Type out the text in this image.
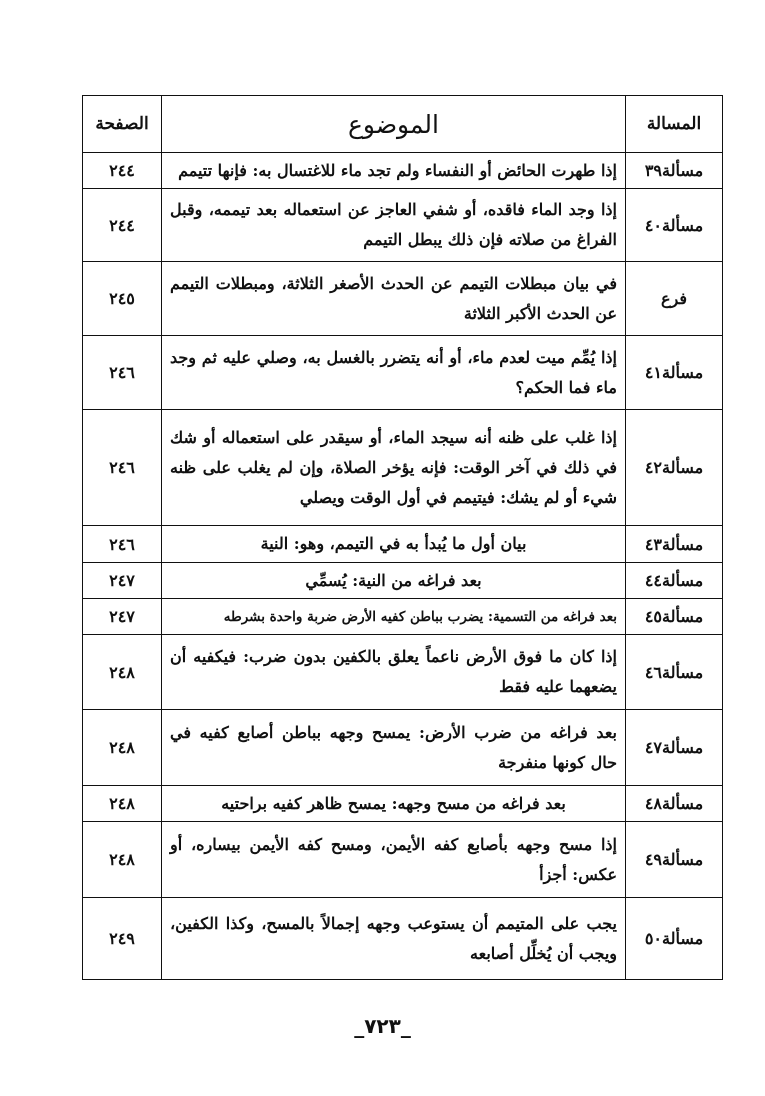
المسالة	الموضوع	الصفحة
مسألة٣٩	إذا طهرت الحائض أو النفساء ولم تجد ماء للاغتسال به: فإنها تتيمم	٢٤٤
مسألة٤٠	إذا وجد الماء فاقده، أو شفي العاجز عن استعماله بعد تيممه، وقبل الفراغ من صلاته فإن ذلك يبطل التيمم	٢٤٤
فرع	في بيان مبطلات التيمم عن الحدث الأصغر الثلاثة، ومبطلات التيمم عن الحدث الأكبر الثلاثة	٢٤٥
مسألة٤١	إذا يُمِّم ميت لعدم ماء، أو أنه يتضرر بالغسل به، وصلي عليه ثم وجد ماء فما الحكم؟	٢٤٦
مسألة٤٢	إذا غلب على ظنه أنه سيجد الماء، أو سيقدر على استعماله أو شك في ذلك في آخر الوقت: فإنه يؤخر الصلاة، وإن لم يغلب على ظنه شيء أو لم يشك: فيتيمم في أول الوقت ويصلي	٢٤٦
مسألة٤٣	بيان أول ما يُبدأ به في التيمم، وهو: النية	٢٤٦
مسألة٤٤	بعد فراغه من النية: يُسمِّي	٢٤٧
مسألة٤٥	بعد فراغه من التسمية: يضرب بباطن كفيه الأرض ضربة واحدة بشرطه	٢٤٧
مسألة٤٦	إذا كان ما فوق الأرض ناعماً يعلق بالكفين بدون ضرب: فيكفيه أن يضعهما عليه فقط	٢٤٨
مسألة٤٧	بعد فراغه من ضرب الأرض: يمسح وجهه بباطن أصابع كفيه في حال كونها منفرجة	٢٤٨
مسألة٤٨	بعد فراغه من مسح وجهه: يمسح ظاهر كفيه براحتيه	٢٤٨
مسألة٤٩	إذا مسح وجهه بأصابع كفه الأيمن، ومسح كفه الأيمن بيساره، أو عكس: أجزأ	٢٤٨
مسألة٥٠	يجب على المتيمم أن يستوعب وجهه إجمالاً بالمسح، وكذا الكفين، ويجب أن يُخلِّل أصابعه	٢٤٩
_٧٢٣_
